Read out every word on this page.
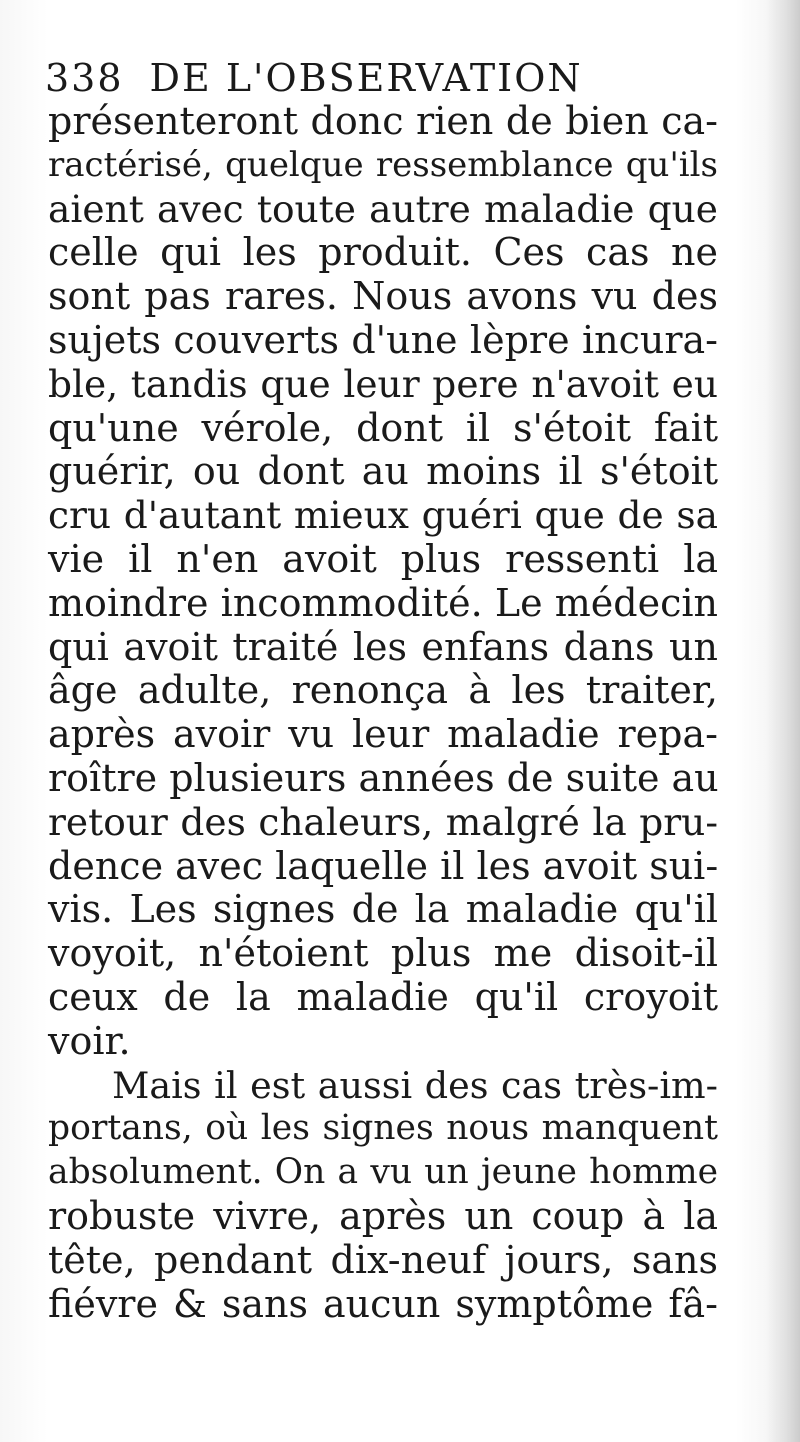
338 DE L'OBSERVATION
présenteront donc rien de bien ca-
ractérisé, quelque ressemblance qu'ils
aient avec toute autre maladie que
celle qui les produit. Ces cas ne
sont pas rares. Nous avons vu des
sujets couverts d'une lèpre incura-
ble, tandis que leur pere n'avoit eu
qu'une vérole, dont il s'étoit fait
guérir, ou dont au moins il s'étoit
cru d'autant mieux guéri que de sa
vie il n'en avoit plus ressenti la
moindre incommodité. Le médecin
qui avoit traité les enfans dans un
âge adulte, renonça à les traiter,
après avoir vu leur maladie repa-
roître plusieurs années de suite au
retour des chaleurs, malgré la pru-
dence avec laquelle il les avoit sui-
vis. Les signes de la maladie qu'il
voyoit, n'étoient plus me disoit-il
ceux de la maladie qu'il croyoit
voir.
Mais il est aussi des cas très-im-
portans, où les signes nous manquent
absolument. On a vu un jeune homme
robuste vivre, après un coup à la
tête, pendant dix-neuf jours, sans
fiévre & sans aucun symptôme fâ-
